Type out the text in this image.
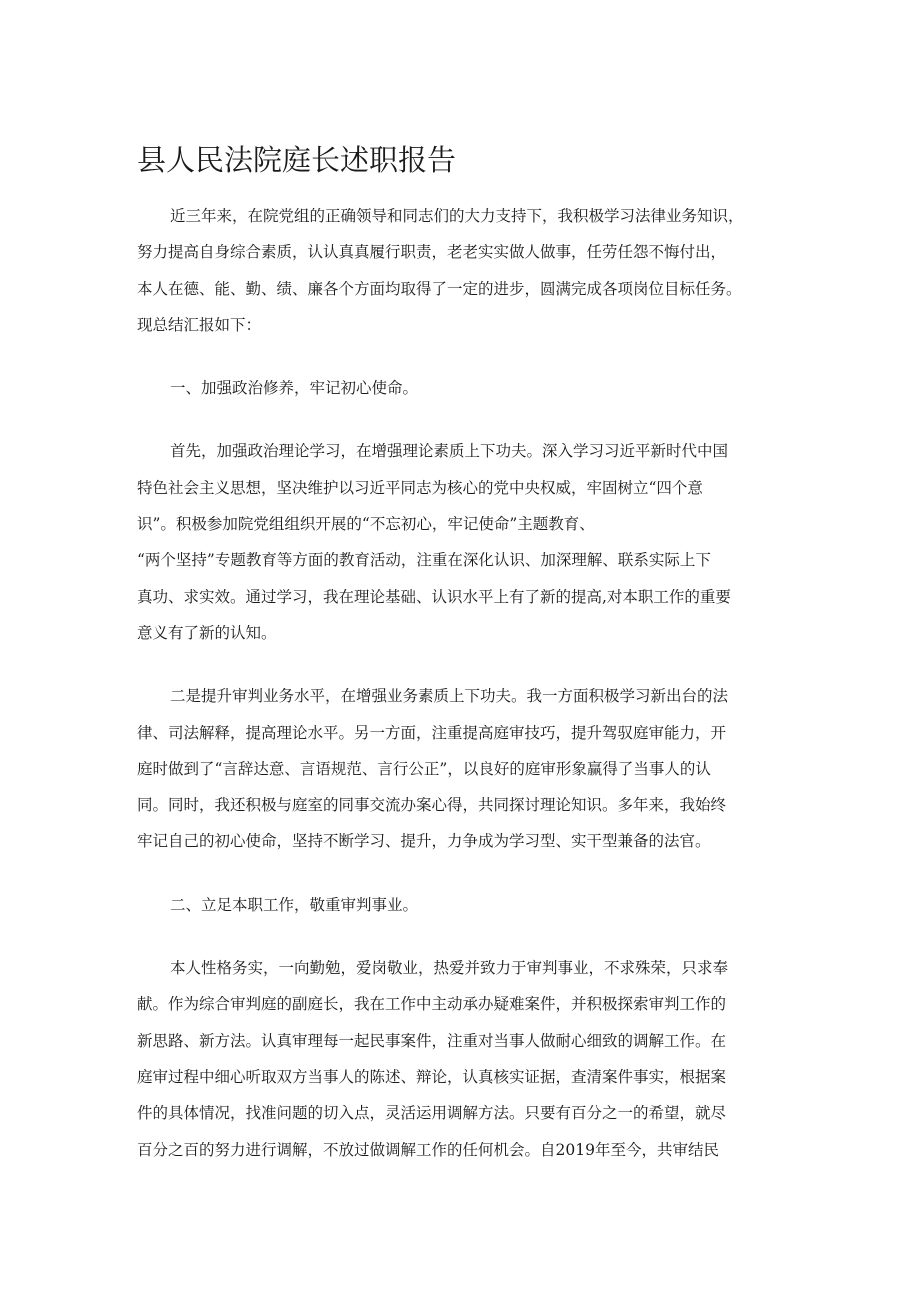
县人民法院庭长述职报告

近三年来，在院党组的正确领导和同志们的大力支持下，我积极学习法律业务知识，
努力提高自身综合素质，认认真真履行职责，老老实实做人做事，任劳任怨不悔付出，
本人在德、能、勤、绩、廉各个方面均取得了一定的进步，圆满完成各项岗位目标任务。
现总结汇报如下：

一、加强政治修养，牢记初心使命。

首先，加强政治理论学习，在增强理论素质上下功夫。深入学习习近平新时代中国
特色社会主义思想，坚决维护以习近平同志为核心的党中央权威，牢固树立“四个意
识”。积极参加院党组组织开展的“不忘初心，牢记使命”主题教育、
“两个坚持”专题教育等方面的教育活动，注重在深化认识、加深理解、联系实际上下
真功、求实效。通过学习，我在理论基础、认识水平上有了新的提高,对本职工作的重要
意义有了新的认知。

二是提升审判业务水平，在增强业务素质上下功夫。我一方面积极学习新出台的法
律、司法解释，提高理论水平。另一方面，注重提高庭审技巧，提升驾驭庭审能力，开
庭时做到了“言辞达意、言语规范、言行公正”，以良好的庭审形象赢得了当事人的认
同。同时，我还积极与庭室的同事交流办案心得，共同探讨理论知识。多年来，我始终
牢记自己的初心使命，坚持不断学习、提升，力争成为学习型、实干型兼备的法官。

二、立足本职工作，敬重审判事业。

本人性格务实，一向勤勉，爱岗敬业，热爱并致力于审判事业，不求殊荣，只求奉
献。作为综合审判庭的副庭长，我在工作中主动承办疑难案件，并积极探索审判工作的
新思路、新方法。认真审理每一起民事案件，注重对当事人做耐心细致的调解工作。在
庭审过程中细心听取双方当事人的陈述、辩论，认真核实证据，查清案件事实，根据案
件的具体情况，找准问题的切入点，灵活运用调解方法。只要有百分之一的希望，就尽
百分之百的努力进行调解，不放过做调解工作的任何机会。自2019年至今，共审结民
